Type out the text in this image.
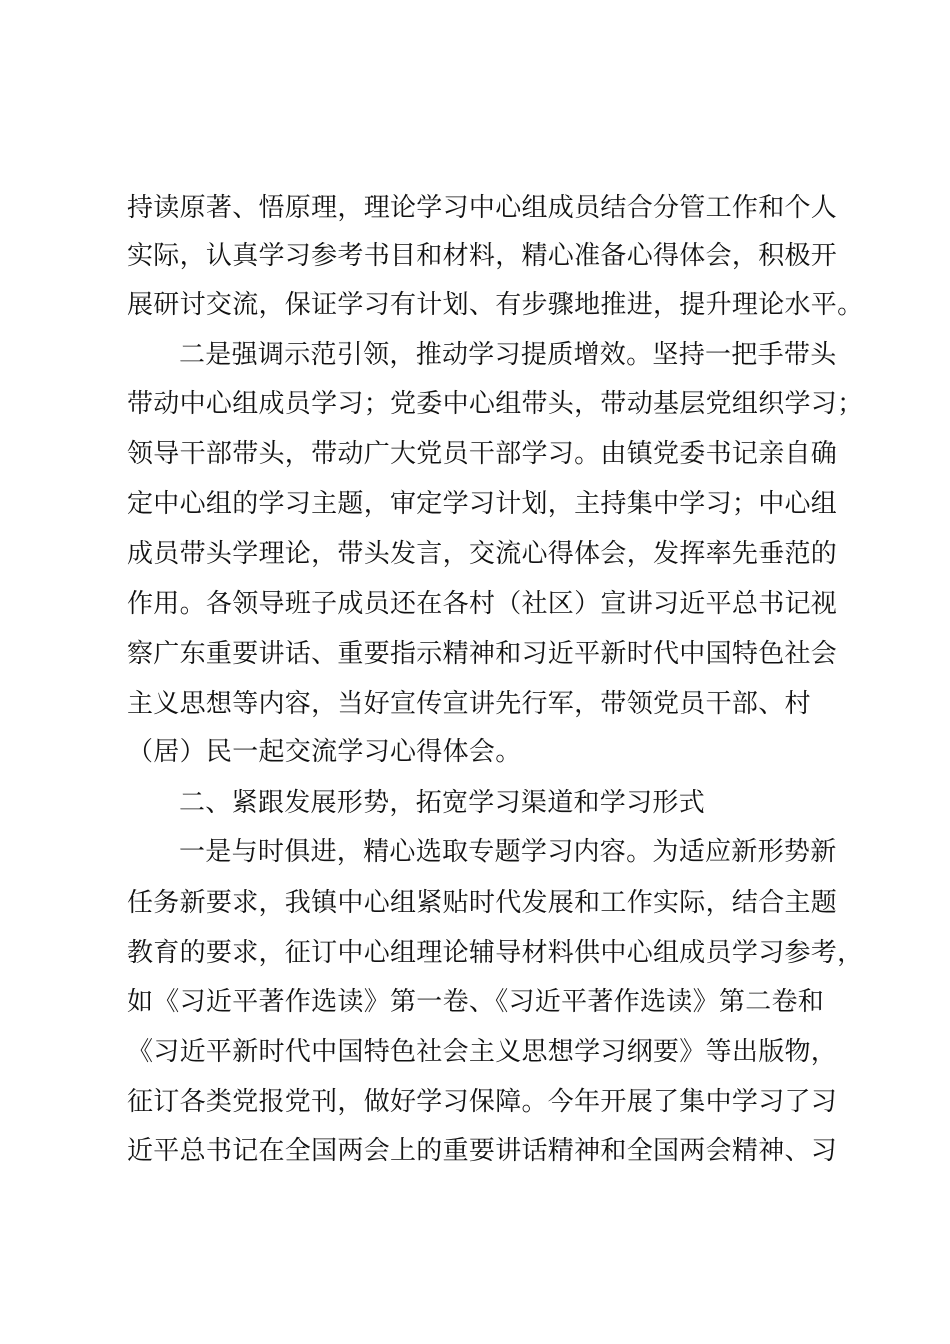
持读原著、悟原理，理论学习中心组成员结合分管工作和个人
实际，认真学习参考书目和材料，精心准备心得体会，积极开
展研讨交流，保证学习有计划、有步骤地推进，提升理论水平。
二是强调示范引领，推动学习提质增效。坚持一把手带头
带动中心组成员学习；党委中心组带头，带动基层党组织学习；
领导干部带头，带动广大党员干部学习。由镇党委书记亲自确
定中心组的学习主题，审定学习计划，主持集中学习；中心组
成员带头学理论，带头发言，交流心得体会，发挥率先垂范的
作用。各领导班子成员还在各村（社区）宣讲习近平总书记视
察广东重要讲话、重要指示精神和习近平新时代中国特色社会
主义思想等内容，当好宣传宣讲先行军，带领党员干部、村
（居）民一起交流学习心得体会。
二、紧跟发展形势，拓宽学习渠道和学习形式
一是与时俱进，精心选取专题学习内容。为适应新形势新
任务新要求，我镇中心组紧贴时代发展和工作实际，结合主题
教育的要求，征订中心组理论辅导材料供中心组成员学习参考，
如《习近平著作选读》第一卷、《习近平著作选读》第二卷和
《习近平新时代中国特色社会主义思想学习纲要》等出版物，
征订各类党报党刊，做好学习保障。今年开展了集中学习了习
近平总书记在全国两会上的重要讲话精神和全国两会精神、习
